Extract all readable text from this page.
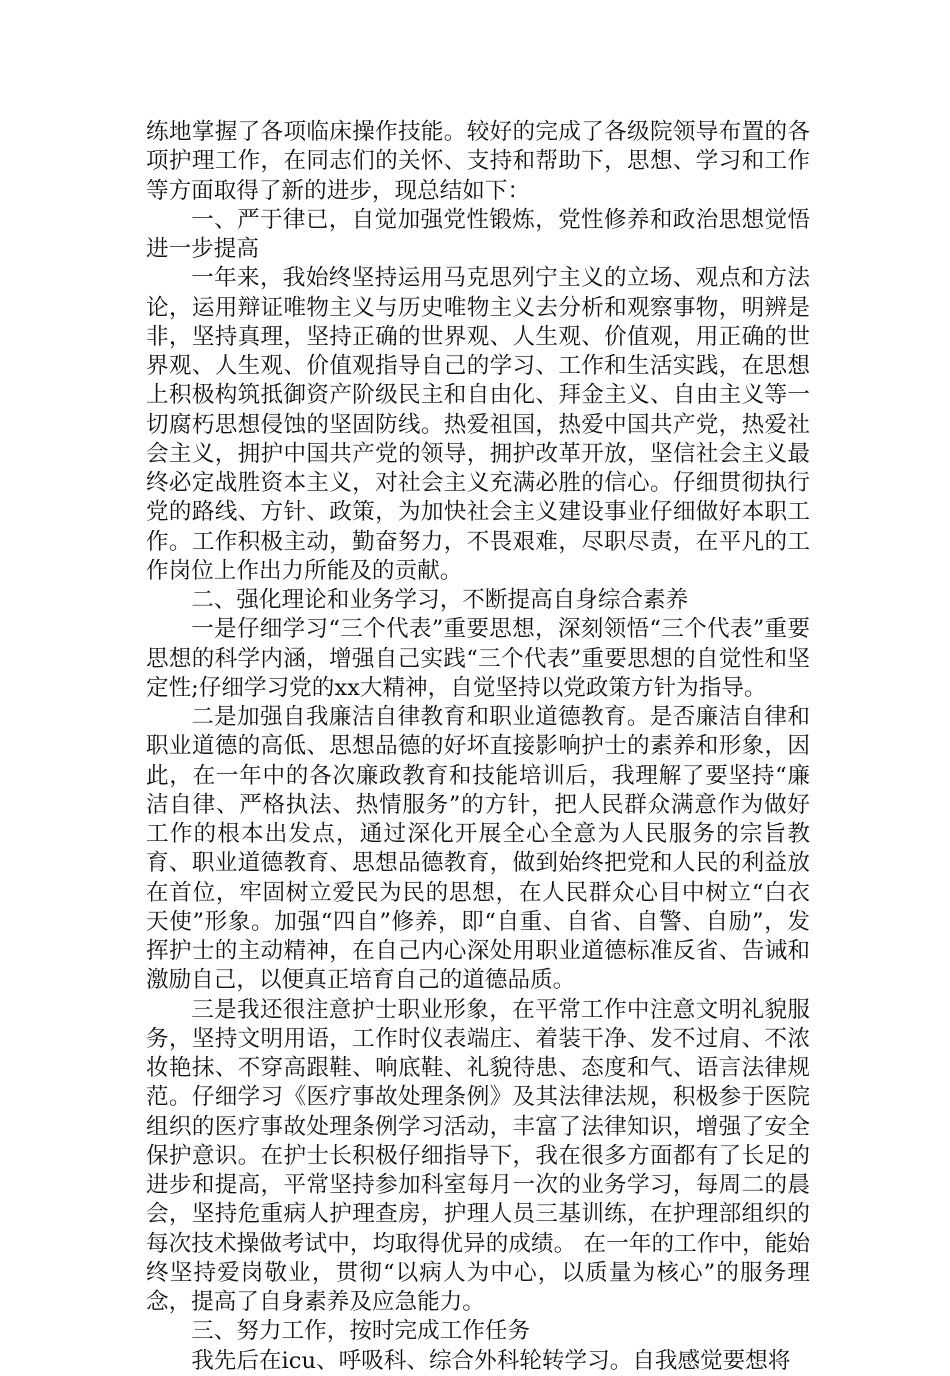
练地掌握了各项临床操作技能。较好的完成了各级院领导布置的各项护理工作，在同志们的关怀、支持和帮助下，思想、学习和工作等方面取得了新的进步，现总结如下：

一、严于律已，自觉加强党性锻炼，党性修养和政治思想觉悟进一步提高

一年来，我始终坚持运用马克思列宁主义的立场、观点和方法论，运用辩证唯物主义与历史唯物主义去分析和观察事物，明辨是非，坚持真理，坚持正确的世界观、人生观、价值观，用正确的世界观、人生观、价值观指导自己的学习、工作和生活实践，在思想上积极构筑抵御资产阶级民主和自由化、拜金主义、自由主义等一切腐朽思想侵蚀的坚固防线。热爱祖国，热爱中国共产党，热爱社会主义，拥护中国共产党的领导，拥护改革开放，坚信社会主义最终必定战胜资本主义，对社会主义充满必胜的信心。仔细贯彻执行党的路线、方针、政策，为加快社会主义建设事业仔细做好本职工作。工作积极主动，勤奋努力，不畏艰难，尽职尽责，在平凡的工作岗位上作出力所能及的贡献。

二、强化理论和业务学习，不断提高自身综合素养

一是仔细学习“三个代表”重要思想，深刻领悟“三个代表”重要思想的科学内涵，增强自己实践“三个代表”重要思想的自觉性和坚定性;仔细学习党的xx大精神，自觉坚持以党政策方针为指导。

二是加强自我廉洁自律教育和职业道德教育。是否廉洁自律和职业道德的高低、思想品德的好坏直接影响护士的素养和形象，因此，在一年中的各次廉政教育和技能培训后，我理解了要坚持“廉洁自律、严格执法、热情服务”的方针，把人民群众满意作为做好工作的根本出发点，通过深化开展全心全意为人民服务的宗旨教育、职业道德教育、思想品德教育，做到始终把党和人民的利益放在首位，牢固树立爱民为民的思想，在人民群众心目中树立“白衣天使”形象。加强“四自”修养，即“自重、自省、自警、自励”，发挥护士的主动精神，在自己内心深处用职业道德标准反省、告诫和激励自己，以便真正培育自己的道德品质。

三是我还很注意护士职业形象，在平常工作中注意文明礼貌服务，坚持文明用语，工作时仪表端庄、着装干净、发不过肩、不浓妆艳抹、不穿高跟鞋、响底鞋、礼貌待患、态度和气、语言法律规范。仔细学习《医疗事故处理条例》及其法律法规，积极参于医院组织的医疗事故处理条例学习活动，丰富了法律知识，增强了安全保护意识。在护士长积极仔细指导下，我在很多方面都有了长足的进步和提高，平常坚持参加科室每月一次的业务学习，每周二的晨会，坚持危重病人护理查房，护理人员三基训练，在护理部组织的每次技术操做考试中，均取得优异的成绩。 在一年的工作中，能始终坚持爱岗敬业，贯彻“以病人为中心，以质量为核心”的服务理念，提高了自身素养及应急能力。

三、努力工作，按时完成工作任务

我先后在icu、呼吸科、综合外科轮转学习。自我感觉要想将
